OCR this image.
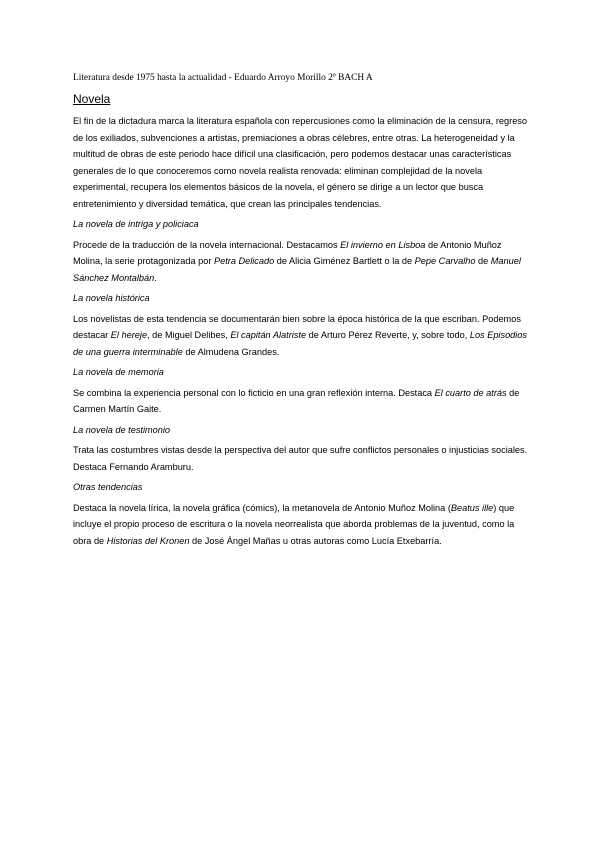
Literatura desde 1975 hasta la actualidad - Eduardo Arroyo Morillo 2º BACH A
Novela

El fin de la dictadura marca la literatura española con repercusiones como la eliminación de la censura, regreso de los exiliados, subvenciones a artistas, premiaciones a obras célebres, entre otras. La heterogeneidad y la multitud de obras de este periodo hace difícil una clasificación, pero podemos destacar unas características generales de lo que conoceremos como novela realista renovada: eliminan complejidad de la novela experimental, recupera los elementos básicos de la novela, el género se dirige a un lector que busca entretenimiento y diversidad temática, que crean las principales tendencias.

La novela de intriga y policiaca

Procede de la traducción de la novela internacional. Destacamos El invierno en Lisboa de Antonio Muñoz Molina, la serie protagonizada por Petra Delicado de Alicia Giménez Bartlett o la de Pepe Carvalho de Manuel Sánchez Montalbán.

La novela histórica

Los novelistas de esta tendencia se documentarán bien sobre la época histórica de la que escriban. Podemos destacar El hereje, de Miguel Delibes, El capitán Alatriste de Arturo Pérez Reverte, y, sobre todo, Los Episodios de una guerra interminable de Almudena Grandes.

La novela de memoria

Se combina la experiencia personal con lo ficticio en una gran reflexión interna. Destaca El cuarto de atrás de Carmen Martín Gaite.

La novela de testimonio

Trata las costumbres vistas desde la perspectiva del autor que sufre conflictos personales o injusticias sociales. Destaca Fernando Aramburu.

Otras tendencias

Destaca la novela lírica, la novela gráfica (cómics), la metanovela de Antonio Muñoz Molina (Beatus ille) que incluye el propio proceso de escritura o la novela neorrealista que aborda problemas de la juventud, como la obra de Historias del Kronen de José Ángel Mañas u otras autoras como Lucía Etxebarría.
